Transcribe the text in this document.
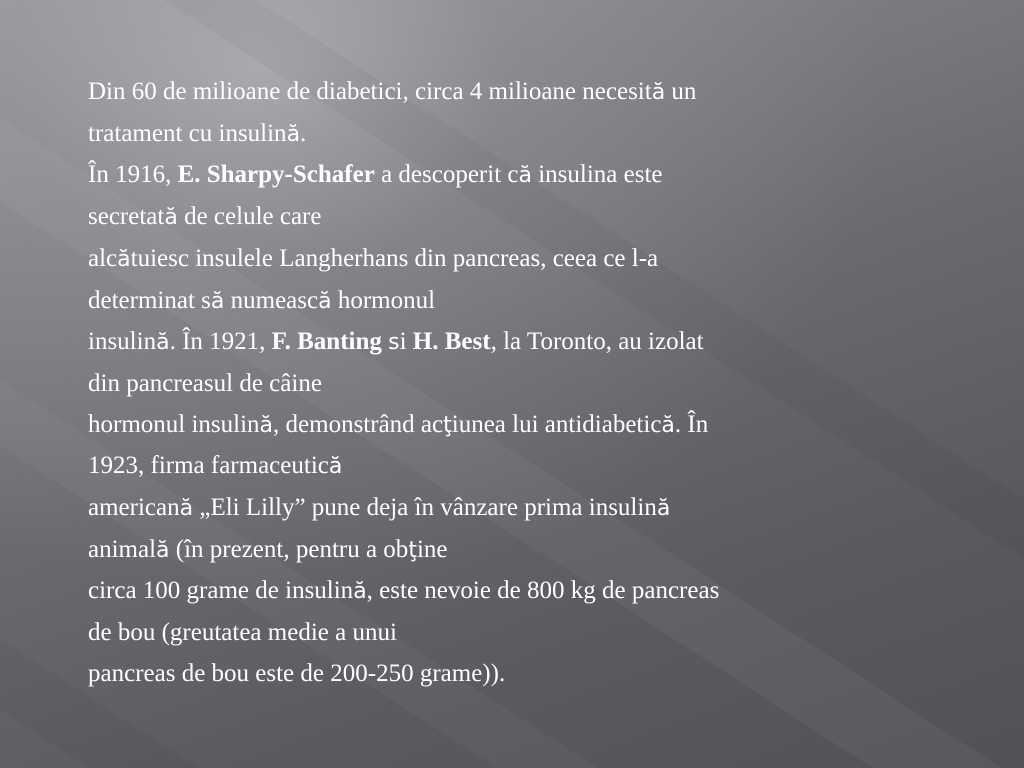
Din 60 de milioane de diabetici, circa 4 milioane necesită un

tratament cu insulină.

În 1916, E. Sharpy-Schafer a descoperit că insulina este

secretată de celule care

alcătuiesc insulele Langherhans din pancreas, ceea ce l-a

determinat să numească hormonul

insulină. În 1921, F. Banting si H. Best, la Toronto, au izolat

din pancreasul de câine

hormonul insulină, demonstrând acţiunea lui antidiabetică. În

1923, firma farmaceutică

americană „Eli Lilly” pune deja în vânzare prima insulină

animală (în prezent, pentru a obţine

circa 100 grame de insulină, este nevoie de 800 kg de pancreas

de bou (greutatea medie a unui

pancreas de bou este de 200-250 grame)).
